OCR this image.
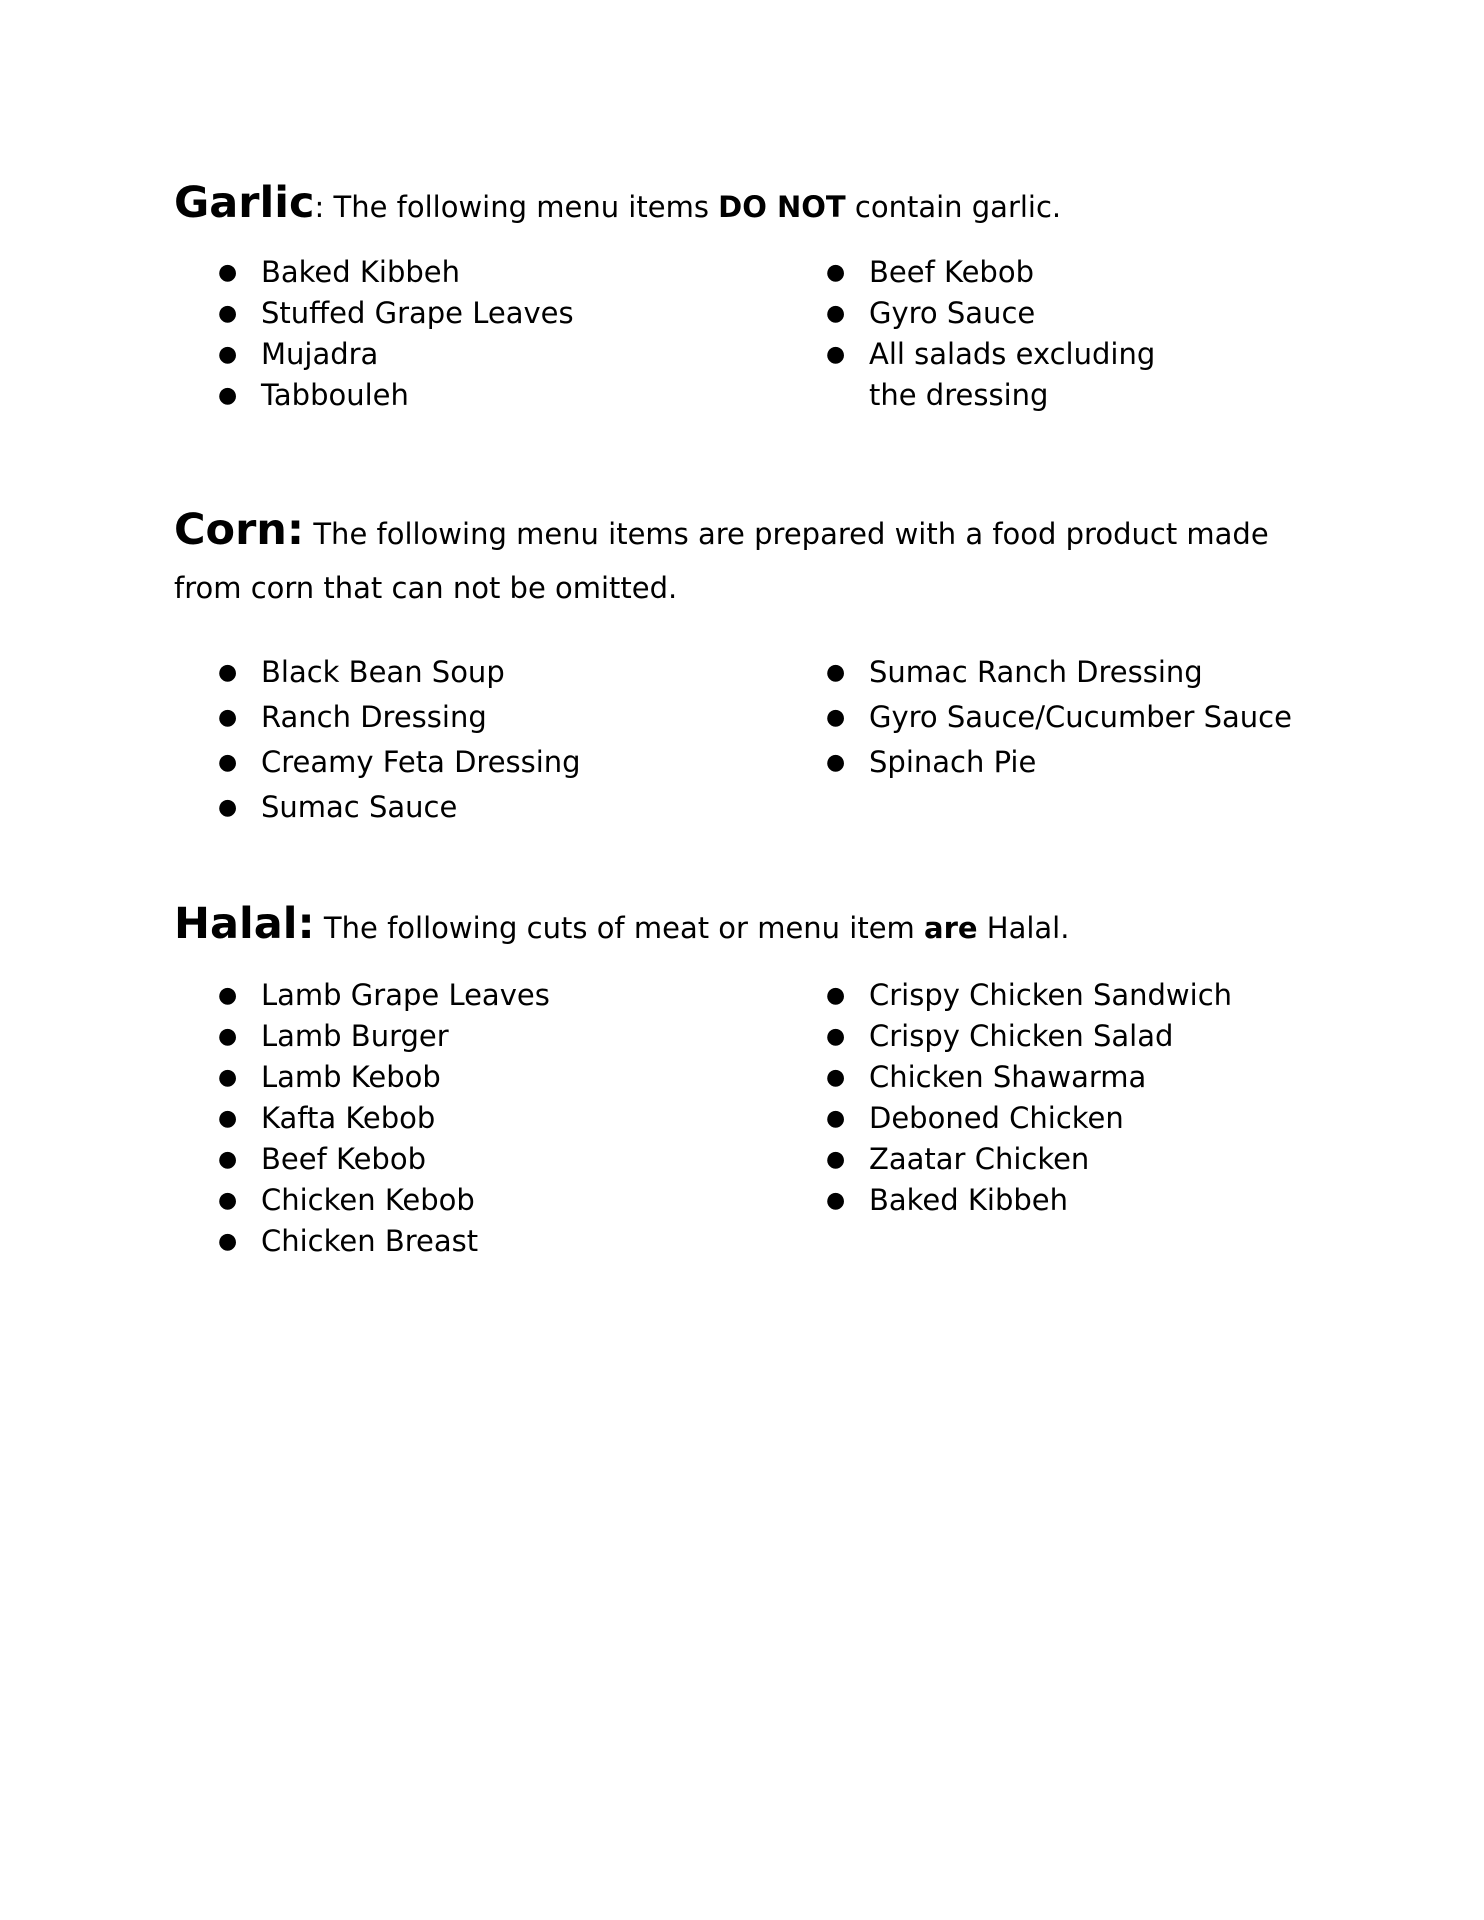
Garlic: The following menu items DO NOT contain garlic.

● Baked Kibbeh
● Stuffed Grape Leaves
● Mujadra
● Tabbouleh
● Beef Kebob
● Gyro Sauce
● All salads excluding the dressing

Corn: The following menu items are prepared with a food product made from corn that can not be omitted.

● Black Bean Soup
● Ranch Dressing
● Creamy Feta Dressing
● Sumac Sauce
● Sumac Ranch Dressing
● Gyro Sauce/Cucumber Sauce
● Spinach Pie

Halal: The following cuts of meat or menu item are Halal.

● Lamb Grape Leaves
● Lamb Burger
● Lamb Kebob
● Kafta Kebob
● Beef Kebob
● Chicken Kebob
● Chicken Breast
● Crispy Chicken Sandwich
● Crispy Chicken Salad
● Chicken Shawarma
● Deboned Chicken
● Zaatar Chicken
● Baked Kibbeh
